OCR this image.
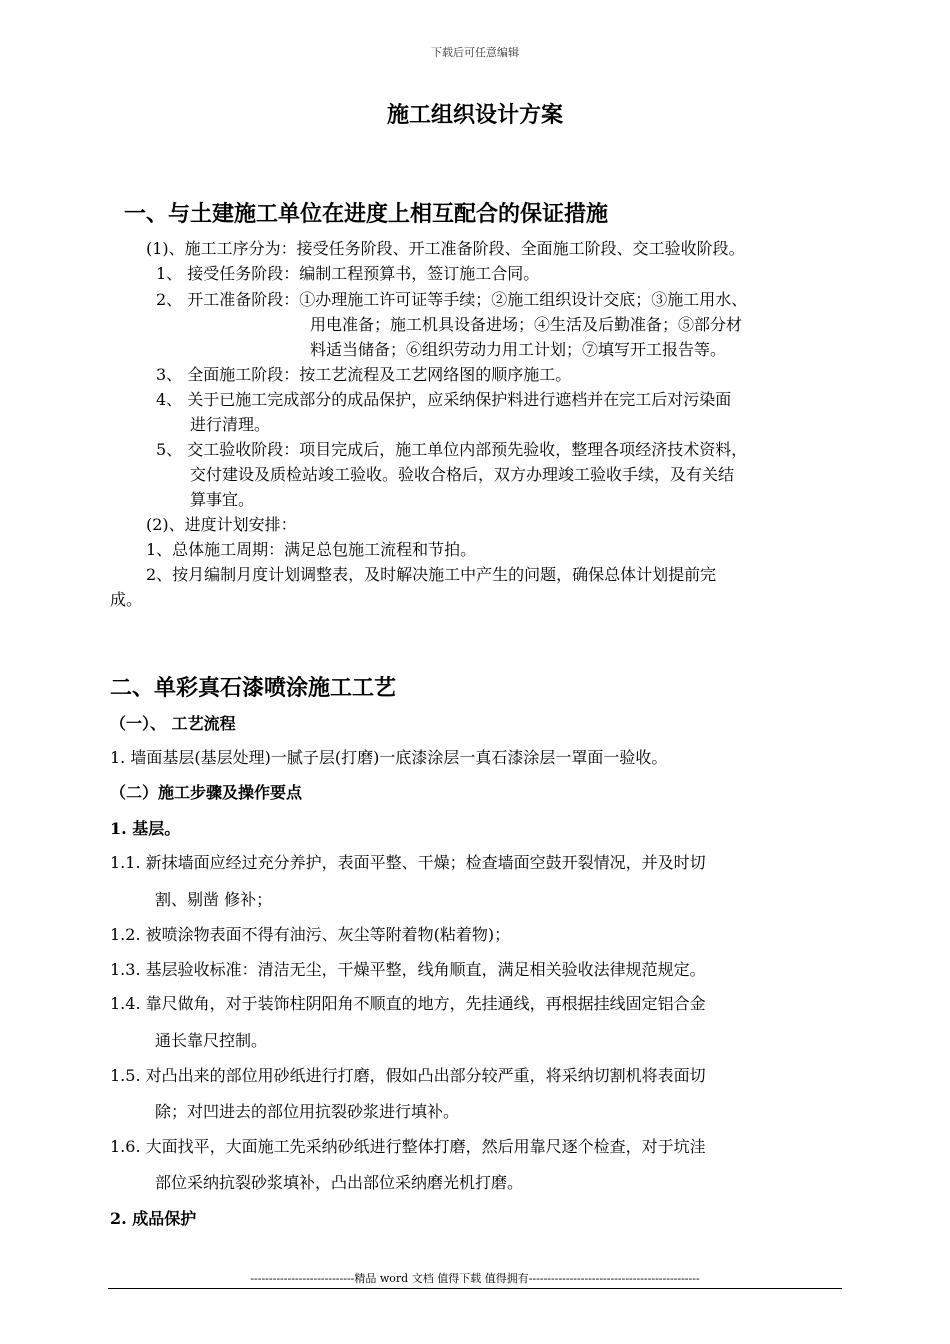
下载后可任意编辑
施工组织设计方案
一、与土建施工单位在进度上相互配合的保证措施
(1)、施工工序分为：接受任务阶段、开工准备阶段、全面施工阶段、交工验收阶段。
1、 接受任务阶段：编制工程预算书，签订施工合同。
2、 开工准备阶段：①办理施工许可证等手续；②施工组织设计交底；③施工用水、
用电准备；施工机具设备进场；④生活及后勤准备；⑤部分材
料适当储备；⑥组织劳动力用工计划；⑦填写开工报告等。
3、 全面施工阶段：按工艺流程及工艺网络图的顺序施工。
4、 关于已施工完成部分的成品保护，应采纳保护料进行遮档并在完工后对污染面
进行清理。
5、 交工验收阶段：项目完成后，施工单位内部预先验收，整理各项经济技术资料，
交付建设及质检站竣工验收。验收合格后，双方办理竣工验收手续，及有关结
算事宜。
(2)、进度计划安排：
1、总体施工周期：满足总包施工流程和节拍。
2、按月编制月度计划调整表，及时解决施工中产生的问题，确保总体计划提前完
成。
二、单彩真石漆喷涂施工工艺
（一）、 工艺流程
1. 墙面基层(基层处理)一腻子层(打磨)一底漆涂层一真石漆涂层一罩面一验收。
（二）施工步骤及操作要点
1. 基层。
1.1. 新抹墙面应经过充分养护，表面平整、干燥；检查墙面空鼓开裂情况，并及时切
割、剔凿 修补；
1.2. 被喷涂物表面不得有油污、灰尘等附着物(粘着物)；
1.3. 基层验收标准：清洁无尘，干燥平整，线角顺直，满足相关验收法律规范规定。
1.4. 靠尺做角，对于装饰柱阴阳角不顺直的地方，先挂通线，再根据挂线固定铝合金
通长靠尺控制。
1.5. 对凸出来的部位用砂纸进行打磨，假如凸出部分较严重，将采纳切割机将表面切
除；对凹进去的部位用抗裂砂浆进行填补。
1.6. 大面找平，大面施工先采纳砂纸进行整体打磨，然后用靠尺逐个检查，对于坑洼
部位采纳抗裂砂浆填补，凸出部位采纳磨光机打磨。
2. 成品保护
----------------------------精品 word 文档 值得下载 值得拥有----------------------------------------------
